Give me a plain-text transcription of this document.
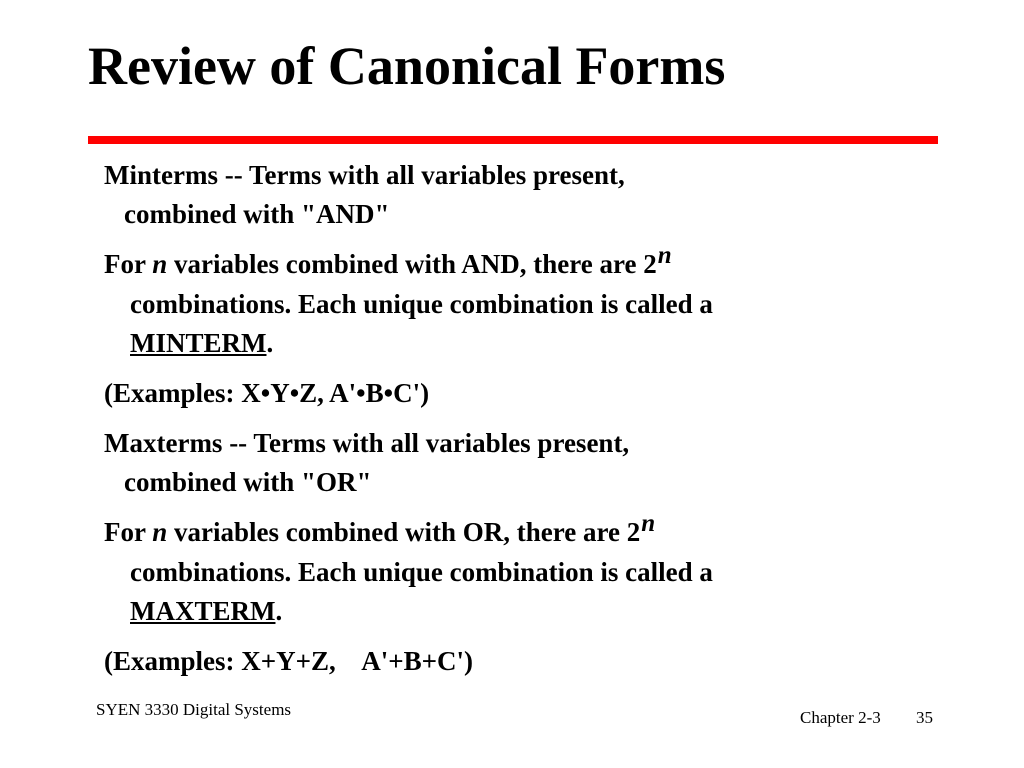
Review of Canonical Forms
Minterms -- Terms with all variables present,
combined with "AND"
For n variables combined with AND, there are 2n
combinations. Each unique combination is called a
MINTERM.
(Examples: X•Y•Z, A'•B•C')
Maxterms -- Terms with all variables present,
combined with "OR"
For n variables combined with OR, there are 2n
combinations. Each unique combination is called a
MAXTERM.
(Examples: X+Y+Z,    A'+B+C')
SYEN 3330 Digital Systems	Chapter 2-3 35
